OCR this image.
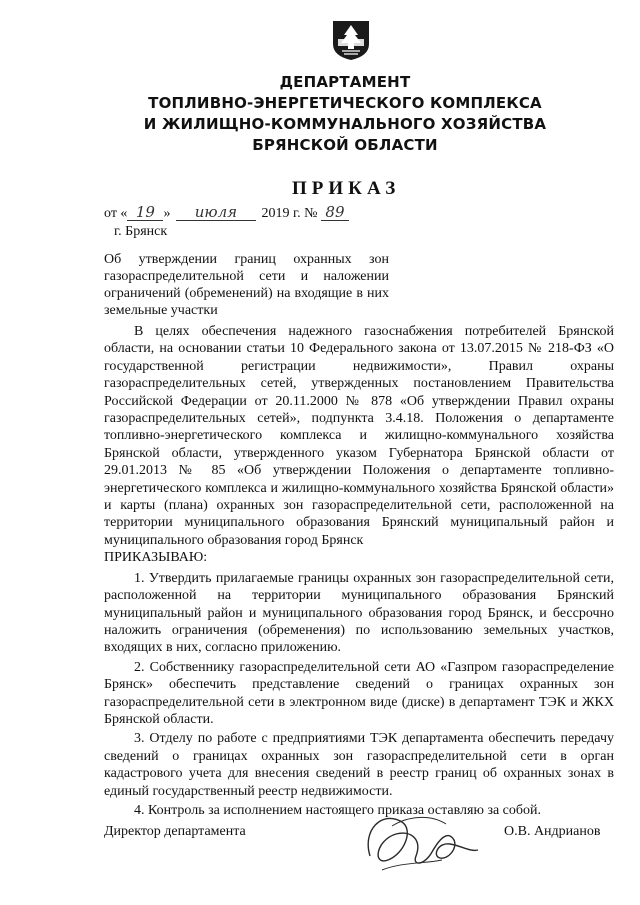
ДЕПАРТАМЕНТ
ТОПЛИВНО-ЭНЕРГЕТИЧЕСКОГО КОМПЛЕКСА
И ЖИЛИЩНО-КОММУНАЛЬНОГО ХОЗЯЙСТВА
БРЯНСКОЙ ОБЛАСТИ
ПРИКАЗ
от « 19 » июля 2019 г. № 89
г. Брянск
Об утверждении границ охранных зон газораспределительной сети и наложении ограничений (обременений) на входящие в них земельные участки

В целях обеспечения надежного газоснабжения потребителей Брянской области, на основании статьи 10 Федерального закона от 13.07.2015 № 218-ФЗ «О государственной регистрации недвижимости», Правил охраны газораспределительных сетей, утвержденных постановлением Правительства Российской Федерации от 20.11.2000 № 878 «Об утверждении Правил охраны газораспределительных сетей», подпункта 3.4.18. Положения о департаменте топливно-энергетического комплекса и жилищно-коммунального хозяйства Брянской области, утвержденного указом Губернатора Брянской области от 29.01.2013 № 85 «Об утверждении Положения о департаменте топливно-энергетического комплекса и жилищно-коммунального хозяйства Брянской области» и карты (плана) охранных зон газораспределительной сети, расположенной на территории муниципального образования Брянский муниципальный район и муниципального образования город Брянск

ПРИКАЗЫВАЮ:

1. Утвердить прилагаемые границы охранных зон газораспределительной сети, расположенной на территории муниципального образования Брянский муниципальный район и муниципального образования город Брянск, и бессрочно наложить ограничения (обременения) по использованию земельных участков, входящих в них, согласно приложению.

2. Собственнику газораспределительной сети АО «Газпром газораспределение Брянск» обеспечить представление сведений о границах охранных зон газораспределительной сети в электронном виде (диске) в департамент ТЭК и ЖКХ Брянской области.

3. Отделу по работе с предприятиями ТЭК департамента обеспечить передачу сведений о границах охранных зон газораспределительной сети в орган кадастрового учета для внесения сведений в реестр границ об охранных зонах в единый государственный реестр недвижимости.

4. Контроль за исполнением настоящего приказа оставляю за собой.

Директор департамента	О.В. Андрианов
